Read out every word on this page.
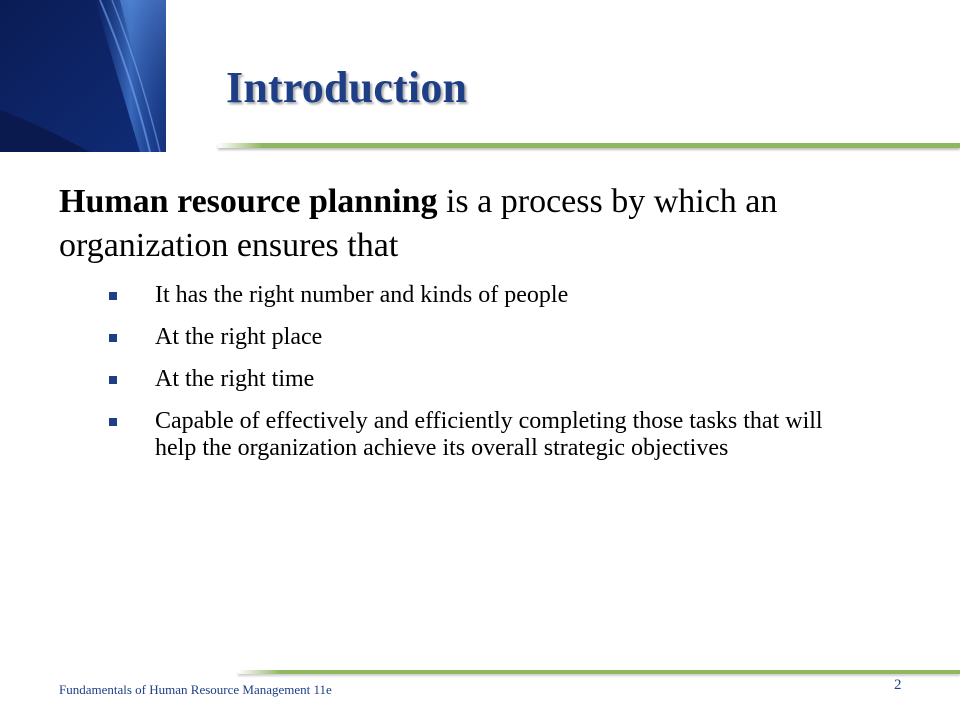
Introduction
Human resource planning is a process by which an organization ensures that
It has the right number and kinds of people
At the right place
At the right time
Capable of effectively and efficiently completing those tasks that will help the organization achieve its overall strategic objectives
Fundamentals of Human Resource Management 11e	2
